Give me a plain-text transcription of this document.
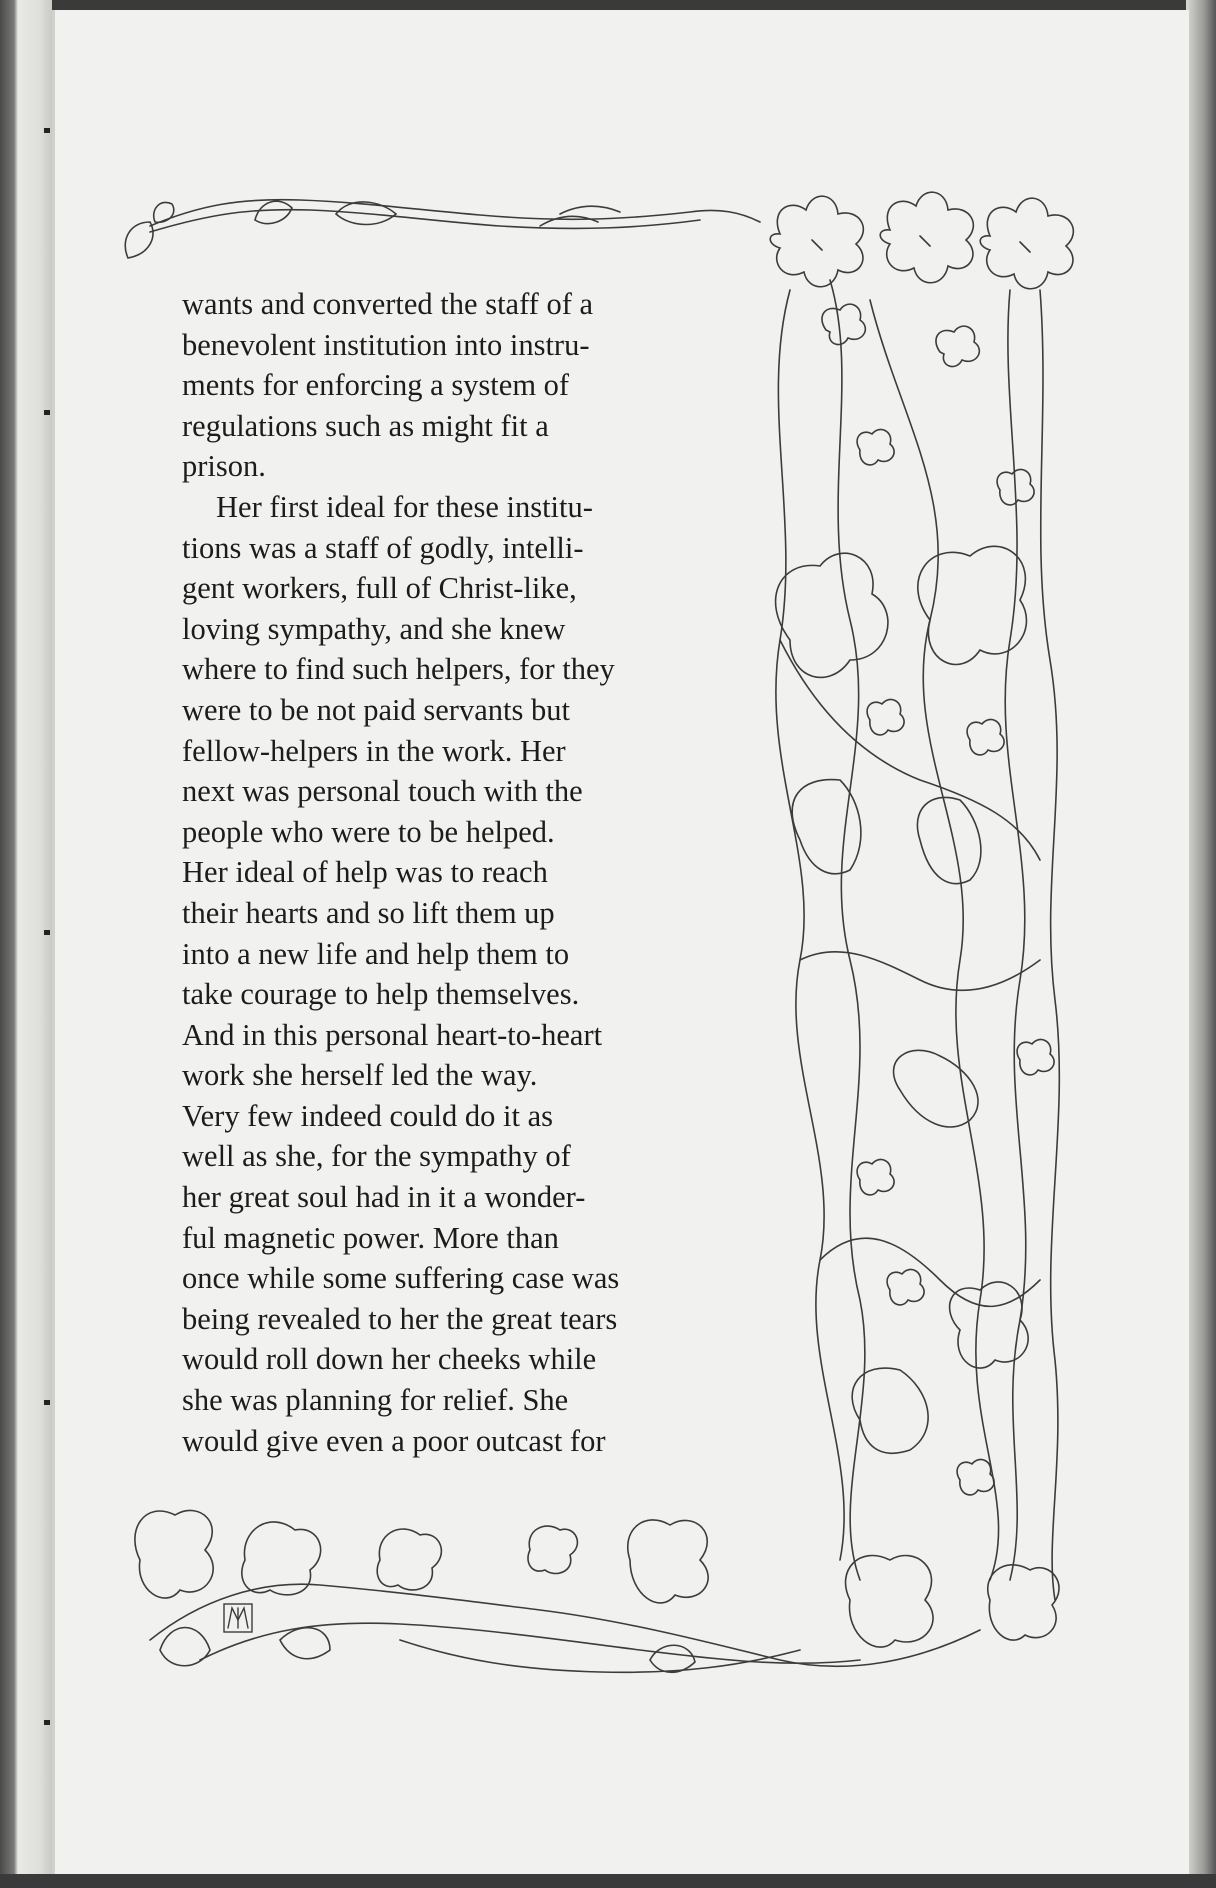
wants and converted the staff of a
benevolent institution into instru-
ments for enforcing a system of
regulations such as might fit a
prison.

Her first ideal for these institu-
tions was a staff of godly, intelli-
gent workers, full of Christ-like,
loving sympathy, and she knew
where to find such helpers, for they
were to be not paid servants but
fellow-helpers in the work. Her
next was personal touch with the
people who were to be helped.
Her ideal of help was to reach
their hearts and so lift them up
into a new life and help them to
take courage to help themselves.
And in this personal heart-to-heart
work she herself led the way.
Very few indeed could do it as
well as she, for the sympathy of
her great soul had in it a wonder-
ful magnetic power. More than
once while some suffering case was
being revealed to her the great tears
would roll down her cheeks while
she was planning for relief. She
would give even a poor outcast for
